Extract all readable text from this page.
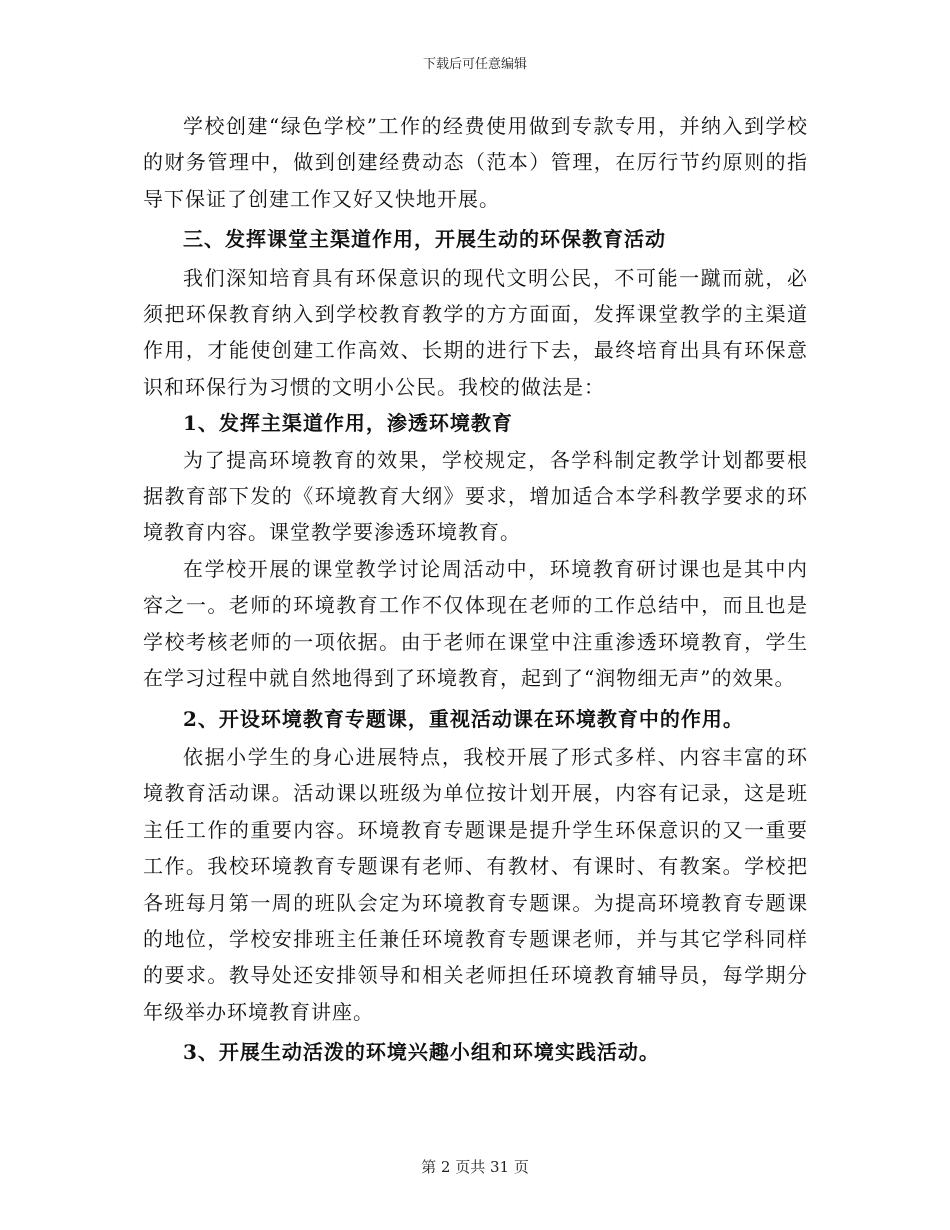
下载后可任意编辑

学校创建“绿色学校”工作的经费使用做到专款专用，并纳入到学校的财务管理中，做到创建经费动态（范本）管理，在厉行节约原则的指导下保证了创建工作又好又快地开展。

三、发挥课堂主渠道作用，开展生动的环保教育活动

我们深知培育具有环保意识的现代文明公民，不可能一蹴而就，必须把环保教育纳入到学校教育教学的方方面面，发挥课堂教学的主渠道作用，才能使创建工作高效、长期的进行下去，最终培育出具有环保意识和环保行为习惯的文明小公民。我校的做法是：

1、发挥主渠道作用，渗透环境教育

为了提高环境教育的效果，学校规定，各学科制定教学计划都要根据教育部下发的《环境教育大纲》要求，增加适合本学科教学要求的环境教育内容。课堂教学要渗透环境教育。

在学校开展的课堂教学讨论周活动中，环境教育研讨课也是其中内容之一。老师的环境教育工作不仅体现在老师的工作总结中，而且也是学校考核老师的一项依据。由于老师在课堂中注重渗透环境教育，学生在学习过程中就自然地得到了环境教育，起到了“润物细无声”的效果。

2、开设环境教育专题课，重视活动课在环境教育中的作用。

依据小学生的身心进展特点，我校开展了形式多样、内容丰富的环境教育活动课。活动课以班级为单位按计划开展，内容有记录，这是班主任工作的重要内容。环境教育专题课是提升学生环保意识的又一重要工作。我校环境教育专题课有老师、有教材、有课时、有教案。学校把各班每月第一周的班队会定为环境教育专题课。为提高环境教育专题课的地位，学校安排班主任兼任环境教育专题课老师，并与其它学科同样的要求。教导处还安排领导和相关老师担任环境教育辅导员，每学期分年级举办环境教育讲座。

3、开展生动活泼的环境兴趣小组和环境实践活动。

第 2 页共 31 页
